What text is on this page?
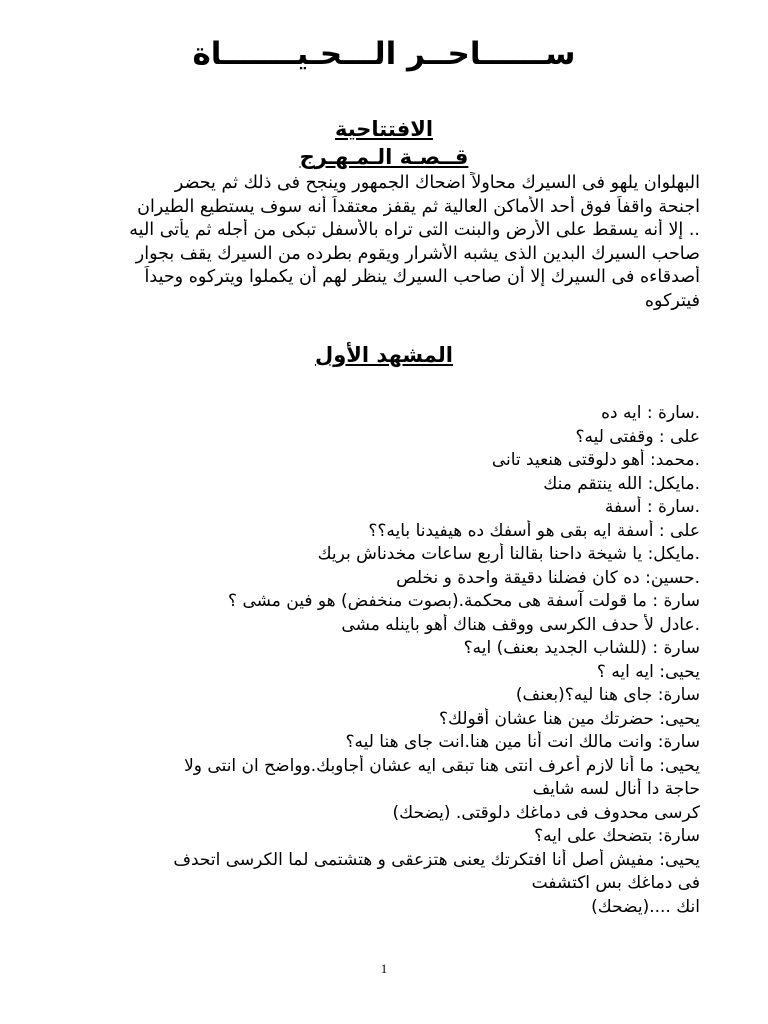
ســــــاحــر الـــحـيـــــــاة
الافتتاحية
قــصـة الـمـهـرج
البهلوان يلهو فى السيرك محاولاً اضحاك الجمهور وينجح فى ذلك ثم يحضر
اجنحة واقفاً فوق أحد الأماكن العالية ثم يقفز معتقداً أنه سوف يستطيع الطيران
.. إلا أنه يسقط على الأرض والبنت التى تراه بالأسفل تبكى من أجله ثم يأتى اليه
صاحب السيرك البدين الذى يشبه الأشرار ويقوم بطرده من السيرك يقف بجوار
أصدقاءه فى السيرك إلا أن صاحب السيرك ينظر لهم أن يكملوا ويتركوه وحيداً
فيتركوه
المشهد الأول
.سارة : ايه ده
على : وقفتى ليه؟
.محمد: أهو دلوقتى هنعيد تانى
.مايكل: الله ينتقم منك
.سارة : أسفة
على : أسفة ايه بقى هو أسفك ده هيفيدنا بايه؟؟
.مايكل: يا شيخة داحنا بقالنا أربع ساعات مخدناش بريك
.حسين: ده كان فضلنا دقيقة واحدة و نخلص
سارة : ما قولت آسفة هى محكمة.(بصوت منخفض) هو فين مشى ؟
.عادل لأ حدف الكرسى ووقف هناك أهو باينله مشى
سارة : (للشاب الجديد بعنف) ايه؟
يحيى: ايه ايه ؟
سارة: جاى هنا ليه؟(بعنف)
يحيى: حضرتك مين هنا عشان أقولك؟
سارة: وانت مالك انت أنا مين هنا.انت جاى هنا ليه؟
يحيى: ما أنا لازم أعرف انتى هنا تبقى ايه عشان أجاوبك.وواضح ان انتى ولا
حاجة دا أنال لسه شايف
كرسى محدوف فى دماغك دلوقتى. (يضحك)
سارة: بتضحك على ايه؟
يحيى: مفيش أصل أنا افتكرتك يعنى هتزعقى و هتشتمى لما الكرسى اتحدف
فى دماغك بس اكتشفت
انك ....(يضحك)
1
